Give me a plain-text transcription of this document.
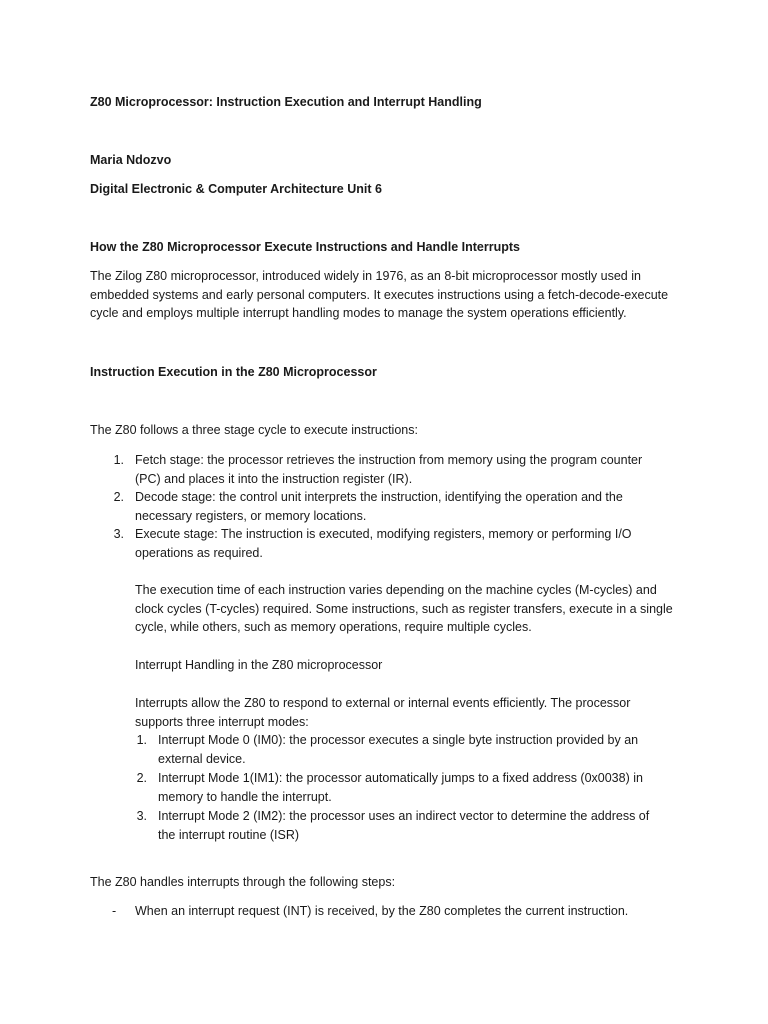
Z80 Microprocessor: Instruction Execution and Interrupt Handling

Maria Ndozvo

Digital Electronic & Computer Architecture Unit 6

How the Z80 Microprocessor Execute Instructions and Handle Interrupts

The Zilog Z80 microprocessor, introduced widely in 1976, as an 8-bit microprocessor mostly used in embedded systems and early personal computers. It executes instructions using a fetch-decode-execute cycle and employs multiple interrupt handling modes to manage the system operations efficiently.

Instruction Execution in the Z80 Microprocessor

The Z80 follows a three stage cycle to execute instructions:

1. Fetch stage: the processor retrieves the instruction from memory using the program counter (PC) and places it into the instruction register (IR).

2. Decode stage: the control unit interprets the instruction, identifying the operation and the necessary registers, or memory locations.

3. Execute stage: The instruction is executed, modifying registers, memory or performing I/O operations as required.

The execution time of each instruction varies depending on the machine cycles (M-cycles) and clock cycles (T-cycles) required. Some instructions, such as register transfers, execute in a single cycle, while others, such as memory operations, require multiple cycles.

Interrupt Handling in the Z80 microprocessor

Interrupts allow the Z80 to respond to external or internal events efficiently. The processor supports three interrupt modes:

1. Interrupt Mode 0 (IM0): the processor executes a single byte instruction provided by an external device.

2. Interrupt Mode 1(IM1): the processor automatically jumps to a fixed address (0x0038) in memory to handle the interrupt.

3. Interrupt Mode 2 (IM2): the processor uses an indirect vector to determine the address of the interrupt routine (ISR)

The Z80 handles interrupts through the following steps:

- When an interrupt request (INT) is received, by the Z80 completes the current instruction.
